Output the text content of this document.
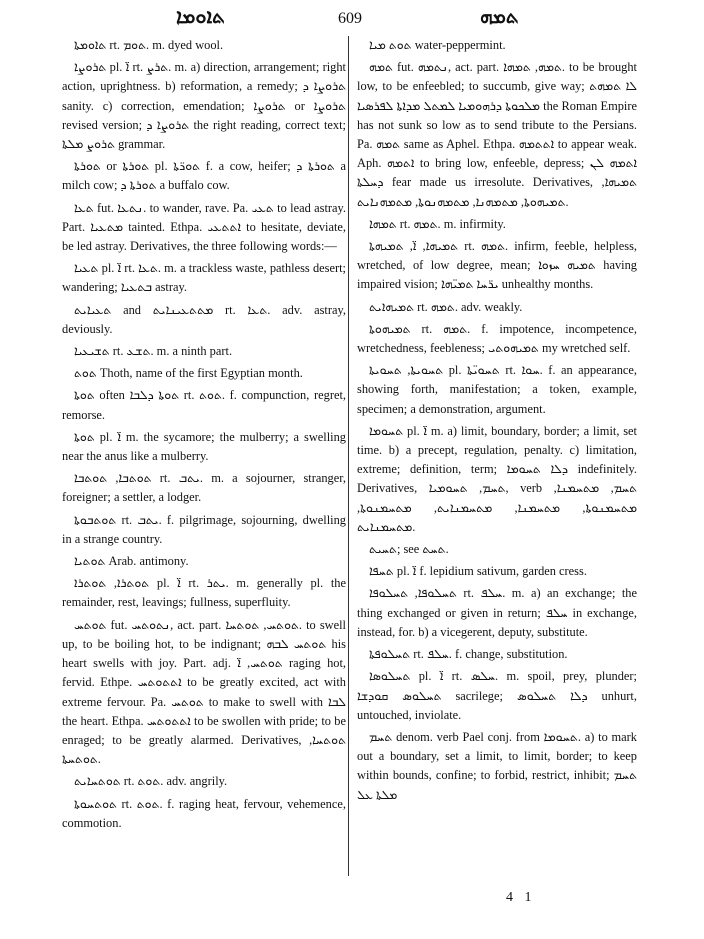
ܬܐܘܡܐ	609	ܬܡܗ

ܬܐܘܡܬܐ rt. ܬܘܡ. m. dyed wool.

ܬܪܘܨܐ pl. ܐ̈ rt. ܬܪܨ. m. a) direction, arrangement; right action, uprightness. b) reformation, a remedy; ܬܪܘܨܐ ܕ sanity. c) correction, emendation; ܬܪܘܨܐ or ܬܪܘܨܐ revised version; ܬܪܘܨܐ ܕ the right reading, correct text; ܬܪܘܨ ܡܠܬܐ grammar.

ܬܘܪܬܐ or ܬܘܪܬܐ pl. ܬܘܪ̈ܬܐ f. a cow, heifer; ܬܘܪܬܐ ܕ a milch cow; ܬܘܪܬܐ ܕ a buffalo cow.

ܬܥܐ fut. ܢܬܥܐ. to wander, rave. Pa. ܬܥܝ to lead astray. Part. ܡܬܥܝܐ tainted. Ethpa. ܐܬܬܥܝ to hesitate, deviate, be led astray. Derivatives, the three following words:—

ܬܥܝܐ pl. ܐ̈ rt. ܬܥܐ. m. a trackless waste, pathless desert; wandering; ܒܬܥܝܐ astray.

ܬܥܝܐܝܬ and ܡܬܬܥܝܢܐܝܬ rt. ܬܥܐ. adv. astray, deviously.

ܬܫܝܥܝܐ rt. ܬܫܥ. m. a ninth part.

ܬܘܬ Thoth, name of the first Egyptian month.

ܬܘܬܐ often ܬܘܬܐ ܕܠܒܐ rt. ܬܘܬ. f. compunction, regret, remorse.

ܬܘܬܐ pl. ܐ̈ m. the sycamore; the mulberry; a swelling near the anus like a mulberry.

ܬܘܬܒܐ, ܬܘܬܒܐ rt. ܝܬܒ. m. a sojourner, stranger, foreigner; a settler, a lodger.

ܬܘܬܒܘܬܐ rt. ܝܬܒ. f. pilgrimage, sojourning, dwelling in a strange country.

ܬܘܬܝܐ Arab. antimony.

ܬܘܬܪܐ, ܬܘܬܪܐ pl. ܐ̈ rt. ܝܬܪ. m. generally pl. the remainder, rest, leavings; fullness, superfluity.

ܬܘܬܚ fut. ܢܬܘܬܚ, act. part. ܬܘܬܚ, ܬܘܬܚܐ. to swell up, to be boiling hot, to be indignant; ܬܘܬܚ ܠܒܗ his heart swells with joy. Part. adj. ܬܘܬܚ, ܐ̈ raging hot, fervid. Ethpe. ܐܬܬܘܬܚ to be greatly excited, act with extreme fervour. Pa. ܬܘܬܚ to make to swell with ܠܒܐ the heart. Ethpa. ܐܬܬܘܬܚ to be swollen with pride; to be enraged; to be greatly alarmed. Derivatives, ܬܘܬܚܐ, ܬܘܬܚܬܐ.

ܬܘܬܚܐܝܬ rt. ܬܘܬ. adv. angrily.

ܬܘܬܚܘܬܐ rt. ܬܘܬ. f. raging heat, fervour, vehemence, commotion.

ܬܘܬ ܡܝܐ water-peppermint.

ܬܡܗ fut. ܢܬܡܗ, act. part. ܬܡܗ, ܬܡܗܐ. to be brought low, to be enfeebled; to succumb, give way; ܠܐ ܬܡܗܬ ܡܠܟܘܬܐ ܕܪܗܘܡܝܐ ܠܡܬܠ ܡܕܐܬܐ ܠܦܪܣܝܐ the Roman Empire has not sunk so low as to send tribute to the Persians. Pa. ܬܡܗ same as Aphel. Ethpa. ܐܬܬܡܗ to appear weak. Aph. ܐܬܡܗ to bring low, enfeeble, depress; ܐܬܡܗ ܠܢ ܕܚܠܬܐ fear made us irresolute. Derivatives, ܬܡܝܗܐ, ܬܡܝܗܘܬܐ, ܡܬܡܗܢܐ, ܡܬܡܗܢܘܬܐ, ܡܬܡܗܢܐܝܬ.

ܬܡܗܐ rt. ܬܡܗ. m. infirmity.

ܬܡܝܗܐ, ܐ̈, ܬܡܝܗܬܐ rt. ܬܡܗ. infirm, feeble, helpless, wretched, of low degree, mean; ܬܡܝܗ ܚܙܘܐ having impaired vision; ܝܪ̈ܚܐ ܬܡܝ̈ܗܐ unhealthy months.

ܬܡܝܗܐܝܬ rt. ܬܡܗ. adv. weakly.

ܬܡܝܗܘܬܐ rt. ܬܡܗ. f. impotence, incompetence, wretchedness, feebleness; ܬܡܝܗܘܬܝ my wretched self.

ܬܚܘܝܬܐ, ܬܚܘܝܬܐ pl. ܬܚܘܝ̈ܬܐ rt. ܚܘܐ. f. an appearance, showing forth, manifestation; a token, example, specimen; a demonstration, argument.

ܬܚܘܡܐ pl. ܐ̈ m. a) limit, boundary, border; a limit, set time. b) a precept, regulation, penalty. c) limitation, extreme; definition, term; ܕܠܐ ܬܚܘܡܐ indefinitely. Derivatives, ܬܚܡ, ܬܚܘܡܝܐ, verb ܬܚܡ, ܡܬܚܡܢܐ, ܡܬܚܡܢܘܬܐ, ܡܬܚܡܢܐ, ܡܬܚܡܢܐܝܬ, ܡܬܚܡܢܘܬܐ, ܡܬܚܡܢܐܝܬ.

ܬܚܝܬ; see ܬܚܬ.

ܬܚܦܐ pl. ܐ̈ f. lepidium sativum, garden cress.

ܬܚܠܘܦܐ, ܬܚܠܘܦܐ rt. ܚܠܦ. m. a) an exchange; the thing exchanged or given in return; ܚܠܦ in exchange, instead, for. b) a vicegerent, deputy, substitute.

ܬܚܠܘܦܬܐ rt. ܚܠܦ. f. change, substitution.

ܬܚܠܘܣܐ pl. ܐ̈ rt. ܚܠܣ. m. spoil, prey, plunder; ܬܚܠܘܣ ܩܘܕܫܐ sacrilege; ܕܠܐ ܬܚܠܘܣ unhurt, untouched, inviolate.

ܬܚܡ denom. verb Pael conj. from ܬܚܘܡܐ. a) to mark out a boundary, set a limit, to limit, border; to keep within bounds, confine; to forbid, restrict, inhibit; ܬܚܡ ܡܠܬܐ ܥܠ

4 1
